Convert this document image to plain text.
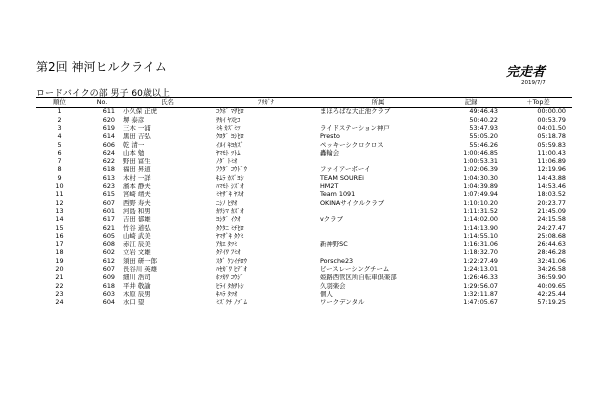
第2回 神河ヒルクライム	完走者
2019/7/7
ロードバイクの部 男子 60歳以上
順位	No.	氏名	ﾌﾘｶﾞﾅ	所属	記録	＋Top差
1	611	小久保 正虎	ｺｸﾎﾞ ﾏｻﾋﾛ	まほろばな大正池クラブ	49:46.43	00:00.00
2	620	堺 泰彦	ｻｶｲ ﾔｽﾋｺ		50:40.22	00:53.79
3	619	三木 一浦	ﾐｷ ｶｽﾞﾐﾂ	ライドステーション神戸	53:47.93	04:01.50
4	614	黒田 吉弘	ｸﾛﾀﾞ ﾖｼﾋﾛ	Presto	55:05.20	05:18.78
5	606	乾 清一	ｲﾇｲ ｷﾖｶｽﾞ	ペッキーシクロクロス	55:46.26	05:59.83
6	624	山本 勉	ﾔﾏﾓﾄ ﾂﾄﾑ	轟輪会	1:00:46.85	11:00.43
7	622	野田 富生	ﾉﾀﾞ ﾄﾐｵ		1:00:53.31	11:06.89
8	618	福田 昇道	ﾌｸﾀﾞ ｺｳﾄﾞｳ	ファイアーボーイ	1:02:06.39	12:19.96
9	613	木村 一詳	ｷﾑﾗ ｶｽﾞﾖｼ	TEAM SOUREi	1:04:30.30	14:43.88
10	623	濱本 静夫	ﾊﾏﾓﾄ ｼｽﾞｵ	HM2T	1:04:39.89	14:53.46
11	615	宮崎 靖夫	ﾐﾔｻﾞｷ ﾔｽｵ	Team 1091	1:07:49.94	18:03.52
12	607	西野 寿夫	ﾆｼﾉ ﾋｻｵ	OKINAサイクルクラブ	1:10:10.20	20:23.77
13	601	河島 和男	ｶﾜｼﾏ ｶｽﾞｵ		1:11:31.52	21:45.09
14	617	吉田 郁雄	ﾖｼﾀﾞ ｲｸｵ	vクラブ	1:14:02.00	24:15.58
15	621	竹谷 道弘	ﾀｹﾀﾆ ﾐﾁﾋﾛ		1:14:13.90	24:27.47
16	605	山崎 武美	ﾔﾏｻﾞｷ ﾀｹﾐ		1:14:55.10	25:08.68
17	608	赤江 辰美	ｱｶｴ ﾀﾂﾐ	新神野SC	1:16:31.06	26:44.63
18	602	立岩 文雄	ﾀﾃｲﾜ ﾌﾐｵ		1:18:32.70	28:46.28
19	612	須田 研一郎	ｽﾀﾞ ｹﾝｲﾁﾛｳ	Porsche23	1:22:27.49	32:41.06
20	607	長谷川 英雄	ﾊｾｶﾞﾜ ﾋﾃﾞｵ	ピースレーシングチーム	1:24:13.01	34:26.58
21	609	細川 浩司	ﾎｿｶﾜ ｺｳｼﾞ	姫路西管区所自転車倶楽部	1:26:46.33	36:59.90
22	618	平井 敬諭	ﾋﾗｲ ﾀｶｻﾄｼ	久羽楽会	1:29:56.07	40:09.65
23	603	木原 辰男	ｷﾊﾗ ﾀﾂｵ	個人	1:32:11.87	42:25.44
24	604	水口 望	ﾐｽﾞｸﾁ ﾉｿﾞﾑ	ワークデンタル	1:47:05.67	57:19.25
